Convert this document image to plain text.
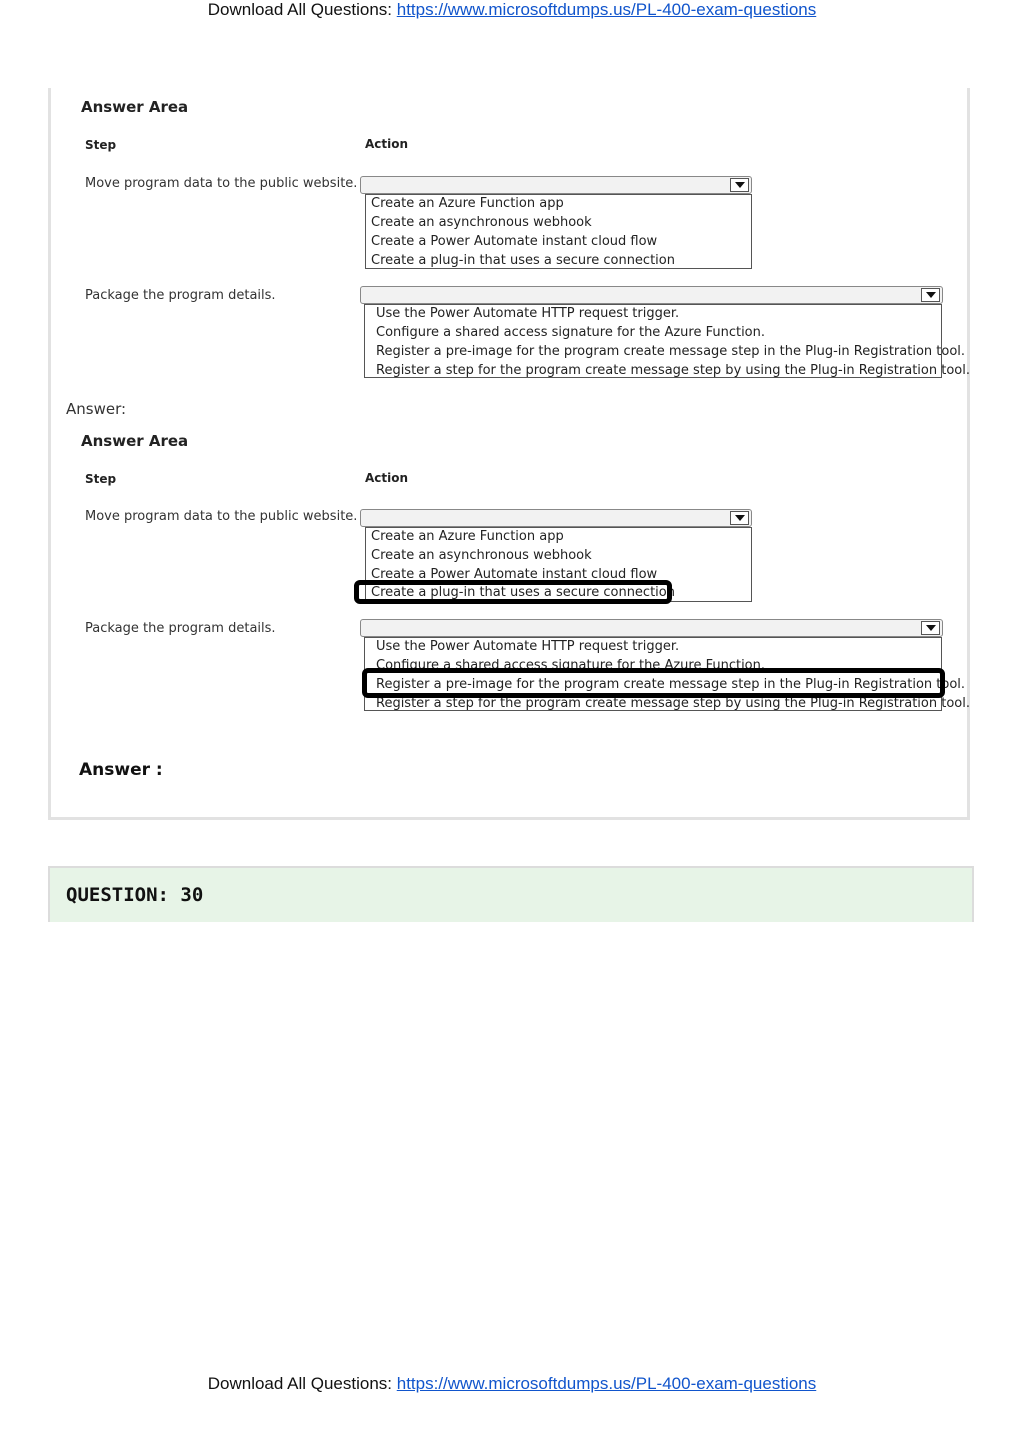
Download All Questions: https://www.microsoftdumps.us/PL-400-exam-questions
Answer Area
Step	Action
Move program data to the public website.
Create an Azure Function app
Create an asynchronous webhook
Create a Power Automate instant cloud flow
Create a plug-in that uses a secure connection
Package the program details.
Use the Power Automate HTTP request trigger.
Configure a shared access signature for the Azure Function.
Register a pre-image for the program create message step in the Plug-in Registration tool.
Register a step for the program create message step by using the Plug-in Registration tool.
Answer:
Answer Area
Step	Action
Move program data to the public website.
Create an Azure Function app
Create an asynchronous webhook
Create a Power Automate instant cloud flow
Create a plug-in that uses a secure connection
Package the program details.
Use the Power Automate HTTP request trigger.
Configure a shared access signature for the Azure Function.
Register a pre-image for the program create message step in the Plug-in Registration tool.
Register a step for the program create message step by using the Plug-in Registration tool.
Answer :
QUESTION: 30
Download All Questions: https://www.microsoftdumps.us/PL-400-exam-questions
